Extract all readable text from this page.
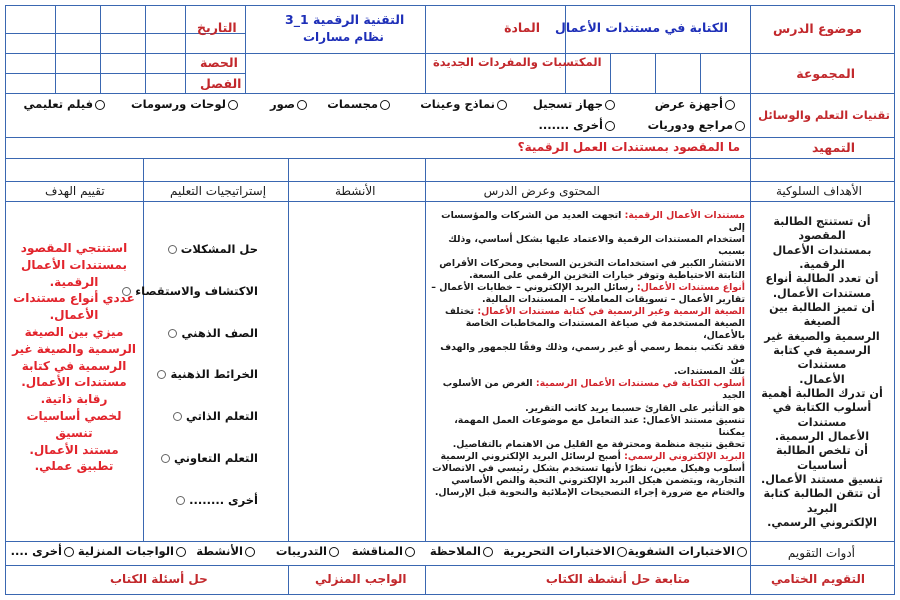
موضوع الدرس
الكتابة في مستندات الأعمال
المادة
التقنية الرقمية 1_3
نظام مسارات
التاريخ
المجموعة
المكتسبات والمفردات الجديدة
الحصة
الفصل
تقنيات التعلم والوسائل
أجهزة عرض
جهاز تسجيل
نماذج وعينات
مجسمات
صور
لوحات ورسومات
فيلم تعليمي
مراجع ودوريات
أخرى .......
التمهيد
ما المقصود بمستندات العمل الرقمية؟
الأهداف السلوكية
المحتوى وعرض الدرس
الأنشطة
إستراتيجيات التعليم
تقييم الهدف
أن تستنتج الطالبة المقصود
بمستندات الأعمال الرقمية.
أن تعدد الطالبة أنواع
مستندات الأعمال.
أن تميز الطالبة بين الصيغة
الرسمية والصيغة غير
الرسمية في كتابة مستندات
الأعمال.
أن تدرك الطالبة أهمية
أسلوب الكتابة في مستندات
الأعمال الرسمية.
أن تلخص الطالبة أساسيات
تنسيق مستند الأعمال.
أن تتقن الطالبة كتابة البريد
الإلكتروني الرسمي.
مستندات الأعمال الرقمية: اتجهت العديد من الشركات والمؤسسات إلى
استخدام المستندات الرقمية والاعتماد عليها بشكل أساسي، وذلك بسبب
الانتشار الكبير في استخدامات التخزين السحابي ومحركات الأقراص
الثابتة الاحتياطية وتوفر خيارات التخزين الرقمي على السعة.
أنواع مستندات الأعمال: رسائل البريد الإلكتروني – خطابات الأعمال –
تقارير الأعمال – تسويقات المعاملات – المستندات المالية.
الصيغة الرسمية وغير الرسمية في كتابة مستندات الأعمال: تختلف
الصيغة المستخدمة في صياغة المستندات والمخاطبات الخاصة بالأعمال،
فقد تكتب بنمط رسمي أو غير رسمي، وذلك وفقًا للجمهور والهدف من
تلك المستندات.
أسلوب الكتابة في مستندات الأعمال الرسمية: الغرض من الأسلوب الجيد
هو التأثير على القارئ حسبما يريد كاتب التقرير.
تنسيق مستند الأعمال: عند التعامل مع موضوعات العمل المهمة، يمكننا
تحقيق نتيجة منظمة ومحترفة مع القليل من الاهتمام بالتفاصيل.
البريد الإلكتروني الرسمي: أصبح لرسائل البريد الإلكتروني الرسمية
أسلوب وهيكل معين، نظرًا لأنها تستخدم بشكل رئيسي في الاتصالات
التجارية، ويتضمن هيكل البريد الإلكتروني التحية والنص الأساسي
والختام مع ضرورة إجراء التصحيحات الإملائية والنحوية قبل الإرسال.
حل المشكلات
الاكتشاف والاستقصاء
الصف الذهني
الخرائط الذهنية
التعلم الذاتي
التعلم التعاوني
أخرى ........
استنتجي المقصود
بمستندات الأعمال
الرقمية.
عددي أنواع مستندات
الأعمال.
ميزي بين الصيغة
الرسمية والصيغة غير
الرسمية في كتابة
مستندات الأعمال.
رقابة ذاتية.
لخصي أساسيات تنسيق
مستند الأعمال.
تطبيق عملي.
أدوات التقويم
الاختبارات الشفوية
الاختبارات التحريرية
الملاحظة
المناقشة
التدريبات
الأنشطة
الواجبات المنزلية
أخرى ....
التقويم الختامي
متابعة حل أنشطة الكتاب
الواجب المنزلي
حل أسئلة الكتاب
